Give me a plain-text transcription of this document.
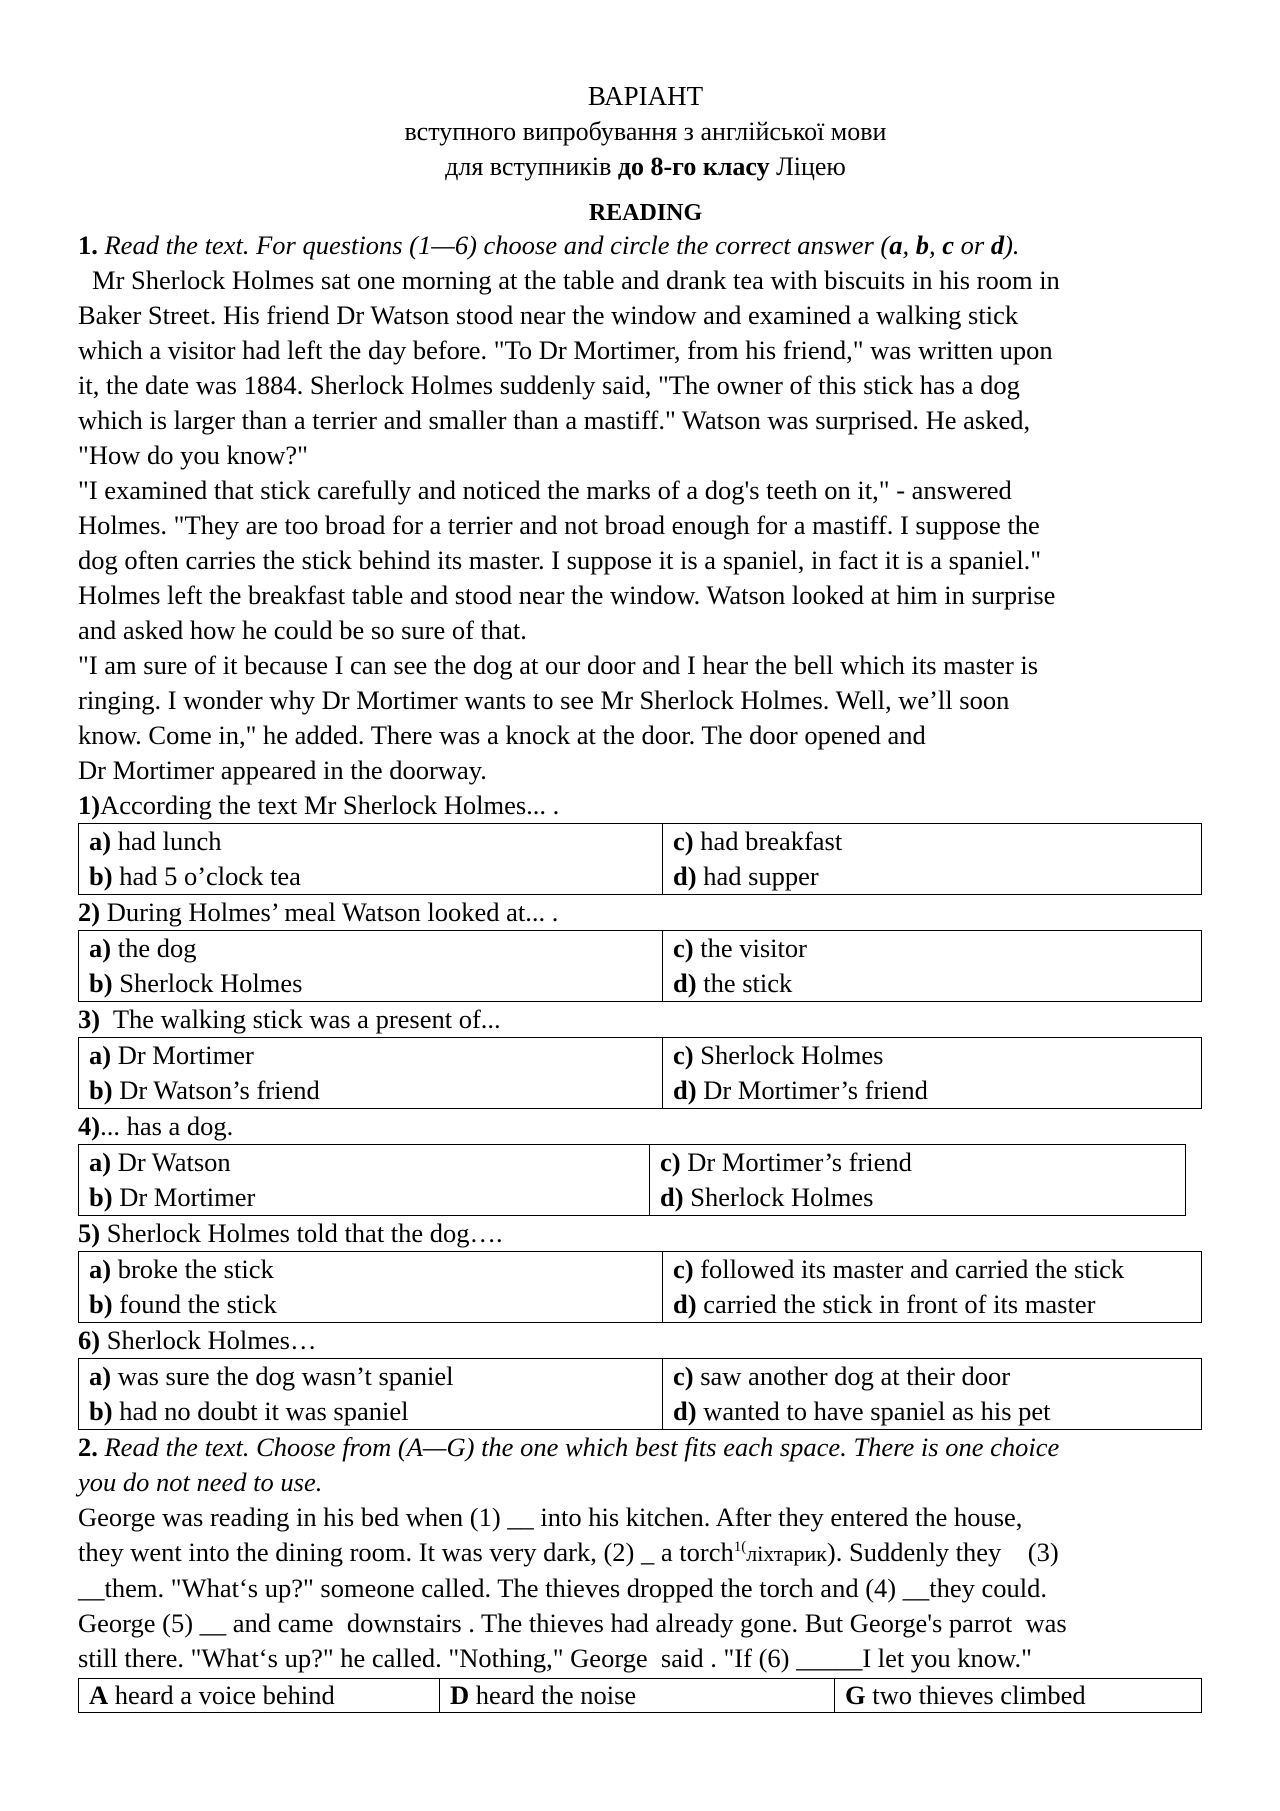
ВАРІАНТ
вступного випробування з англійської мови
для вступників до 8-го класу Ліцею
READING

1. Read the text. For questions (1—6) choose and circle the correct answer (a, b, c or d).

Mr Sherlock Holmes sat one morning at the table and drank tea with biscuits in his room in
Baker Street. His friend Dr Watson stood near the window and examined a walking stick
which a visitor had left the day before. "To Dr Mortimer, from his friend," was written upon
it, the date was 1884. Sherlock Holmes suddenly said, "The owner of this stick has a dog
which is larger than a terrier and smaller than a mastiff." Watson was surprised. He asked,
"How do you know?"
"I examined that stick carefully and noticed the marks of a dog's teeth on it," - answered
Holmes. "They are too broad for a terrier and not broad enough for a mastiff. I suppose the
dog often carries the stick behind its master. I suppose it is a spaniel, in fact it is a spaniel."
Holmes left the breakfast table and stood near the window. Watson looked at him in surprise
and asked how he could be so sure of that.
"I am sure of it because I can see the dog at our door and I hear the bell which its master is
ringing. I wonder why Dr Mortimer wants to see Mr Sherlock Holmes. Well, we’ll soon
know. Come in," he added. There was a knock at the door. The door opened and
Dr Mortimer appeared in the doorway.

1)According the text Mr Sherlock Holmes... .

a) had lunch
b) had 5 o’clock tea

c) had breakfast
d) had supper

2) During Holmes’ meal Watson looked at... .

a) the dog
b) Sherlock Holmes

c) the visitor
d) the stick

3)  The walking stick was a present of...

a) Dr Mortimer
b) Dr Watson’s friend

c) Sherlock Holmes
d) Dr Mortimer’s friend

4)... has a dog.

a) Dr Watson
b) Dr Mortimer

c) Dr Mortimer’s friend
d) Sherlock Holmes

5) Sherlock Holmes told that the dog….

a) broke the stick
b) found the stick

c) followed its master and carried the stick
d) carried the stick in front of its master

6) Sherlock Holmes…

a) was sure the dog wasn’t spaniel
b) had no doubt it was spaniel

c) saw another dog at their door
d) wanted to have spaniel as his pet

2. Read the text. Choose from (A—G) the one which best fits each space. There is one choice

you do not need to use.

George was reading in his bed when (1) __ into his kitchen. After they entered the house,
they went into the dining room. It was very dark, (2) _ a torch$^{1(}$ліхтарик). Suddenly they    (3)
__them. "What‘s up?" someone called. The thieves dropped the torch and (4) __they could.
George (5) __ and came  downstairs . The thieves had already gone. But George's parrot  was
still there. "What‘s up?" he called. "Nothing," George  said . "If (6) _____I let you know."
A heard a voice behind	D heard the noise	G two thieves climbed
